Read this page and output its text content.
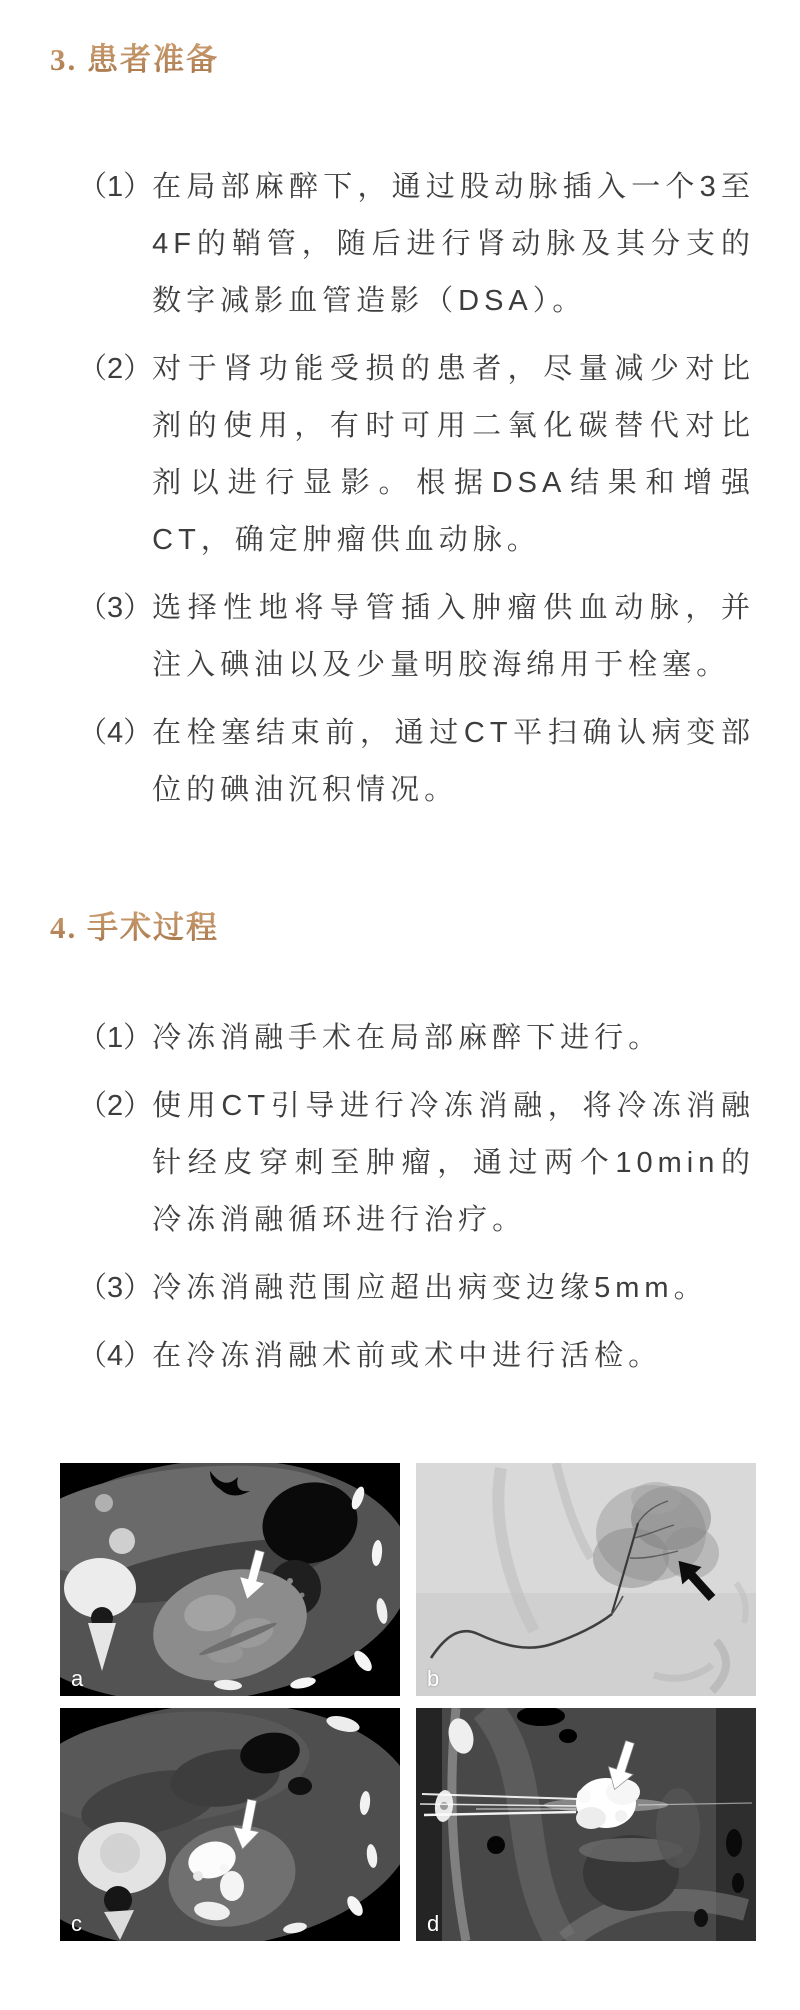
3. 患者准备
（1） 在局部麻醉下，通过股动脉插入一个3至4F的鞘管，随后进行肾动脉及其分支的数字减影血管造影（DSA）。
（2） 对于肾功能受损的患者，尽量减少对比剂的使用，有时可用二氧化碳替代对比剂以进行显影。根据DSA结果和增强CT，确定肿瘤供血动脉。
（3） 选择性地将导管插入肿瘤供血动脉，并注入碘油以及少量明胶海绵用于栓塞。
（4） 在栓塞结束前，通过CT平扫确认病变部位的碘油沉积情况。
4. 手术过程
（1） 冷冻消融手术在局部麻醉下进行。
（2） 使用CT引导进行冷冻消融，将冷冻消融针经皮穿刺至肿瘤，通过两个10min的冷冻消融循环进行治疗。
（3） 冷冻消融范围应超出病变边缘5mm。
（4） 在冷冻消融术前或术中进行活检。
a	b
c	d
